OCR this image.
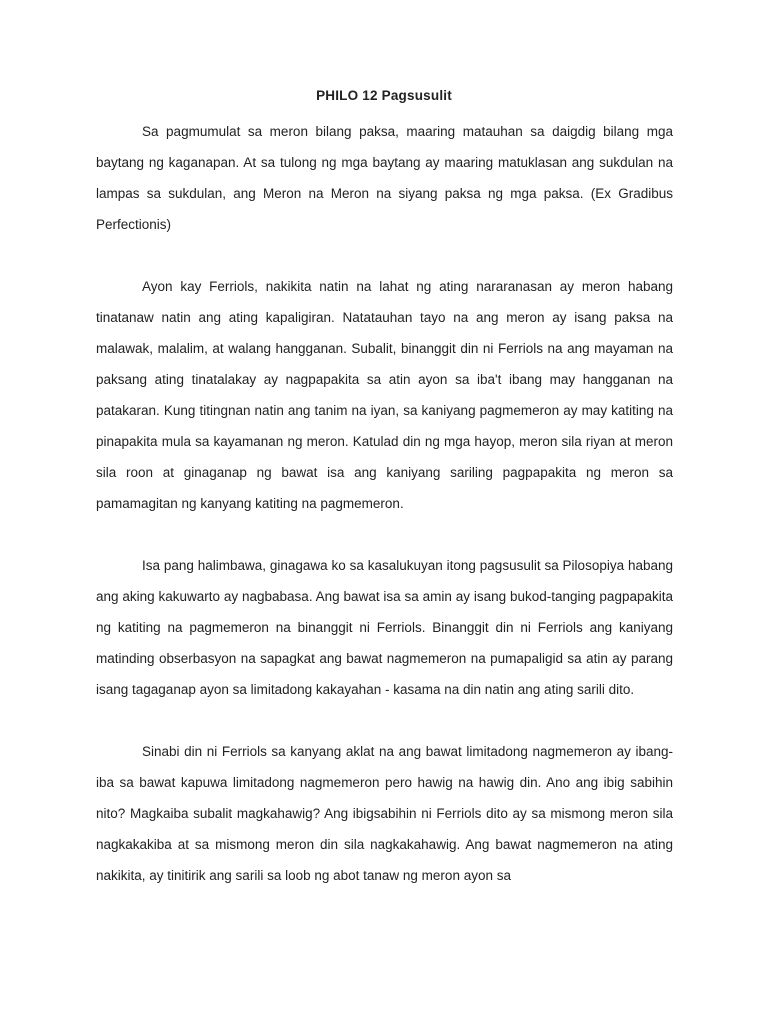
PHILO 12 Pagsusulit

Sa pagmumulat sa meron bilang paksa, maaring matauhan sa daigdig bilang mga baytang ng kaganapan. At sa tulong ng mga baytang ay maaring matuklasan ang sukdulan na lampas sa sukdulan, ang Meron na Meron na siyang paksa ng mga paksa. (Ex Gradibus Perfectionis)

Ayon kay Ferriols, nakikita natin na lahat ng ating nararanasan ay meron habang tinatanaw natin ang ating kapaligiran. Natatauhan tayo na ang meron ay isang paksa na malawak, malalim, at walang hangganan. Subalit, binanggit din ni Ferriols na ang mayaman na paksang ating tinatalakay ay nagpapakita sa atin ayon sa iba't ibang may hangganan na patakaran. Kung titingnan natin ang tanim na iyan, sa kaniyang pagmemeron ay may katiting na pinapakita mula sa kayamanan ng meron. Katulad din ng mga hayop, meron sila riyan at meron sila roon at ginaganap ng bawat isa ang kaniyang sariling pagpapakita ng meron sa pamamagitan ng kanyang katiting na pagmemeron.

Isa pang halimbawa, ginagawa ko sa kasalukuyan itong pagsusulit sa Pilosopiya habang ang aking kakuwarto ay nagbabasa. Ang bawat isa sa amin ay isang bukod-tanging pagpapakita ng katiting na pagmemeron na binanggit ni Ferriols. Binanggit din ni Ferriols ang kaniyang matinding obserbasyon na sapagkat ang bawat nagmemeron na pumapaligid sa atin ay parang isang tagaganap ayon sa limitadong kakayahan - kasama na din natin ang ating sarili dito.

Sinabi din ni Ferriols sa kanyang aklat na ang bawat limitadong nagmemeron ay ibang-iba sa bawat kapuwa limitadong nagmemeron pero hawig na hawig din. Ano ang ibig sabihin nito? Magkaiba subalit magkahawig? Ang ibigsabihin ni Ferriols dito ay sa mismong meron sila nagkakakiba at sa mismong meron din sila nagkakahawig. Ang bawat nagmemeron na ating nakikita, ay tinitirik ang sarili sa loob ng abot tanaw ng meron ayon sa
